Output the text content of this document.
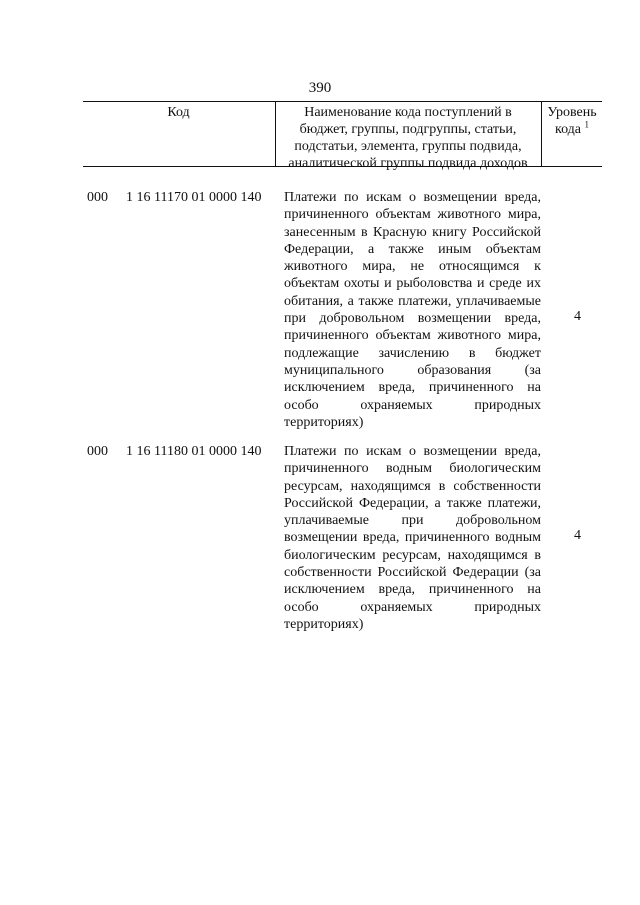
390
Код	Наименование кода поступлений в
бюджет, группы, подгруппы, статьи,
подстатьи, элемента, группы подвида,
аналитической группы подвида доходов
Уровень
кода $^1$
000 1 16 11170 01 0000 140 Платежи по искам о возмещении вреда, причиненного объектам животного мира, занесенным в Красную книгу Российской Федерации, а также иным объектам животного мира, не относящимся к объектам охоты и рыболовства и среде их обитания, а также платежи, уплачиваемые при добровольном возмещении вреда, причиненного объектам животного мира, подлежащие зачислению в бюджет муниципального образования (за исключением вреда, причиненного на особо охраняемых природных территориях)
4
000 1 16 11180 01 0000 140 Платежи по искам о возмещении вреда, причиненного водным биологическим ресурсам, находящимся в собственности Российской Федерации, а также платежи, уплачиваемые при добровольном возмещении вреда, причиненного водным биологическим ресурсам, находящимся в собственности Российской Федерации (за исключением вреда, причиненного на особо охраняемых природных территориях)
4
